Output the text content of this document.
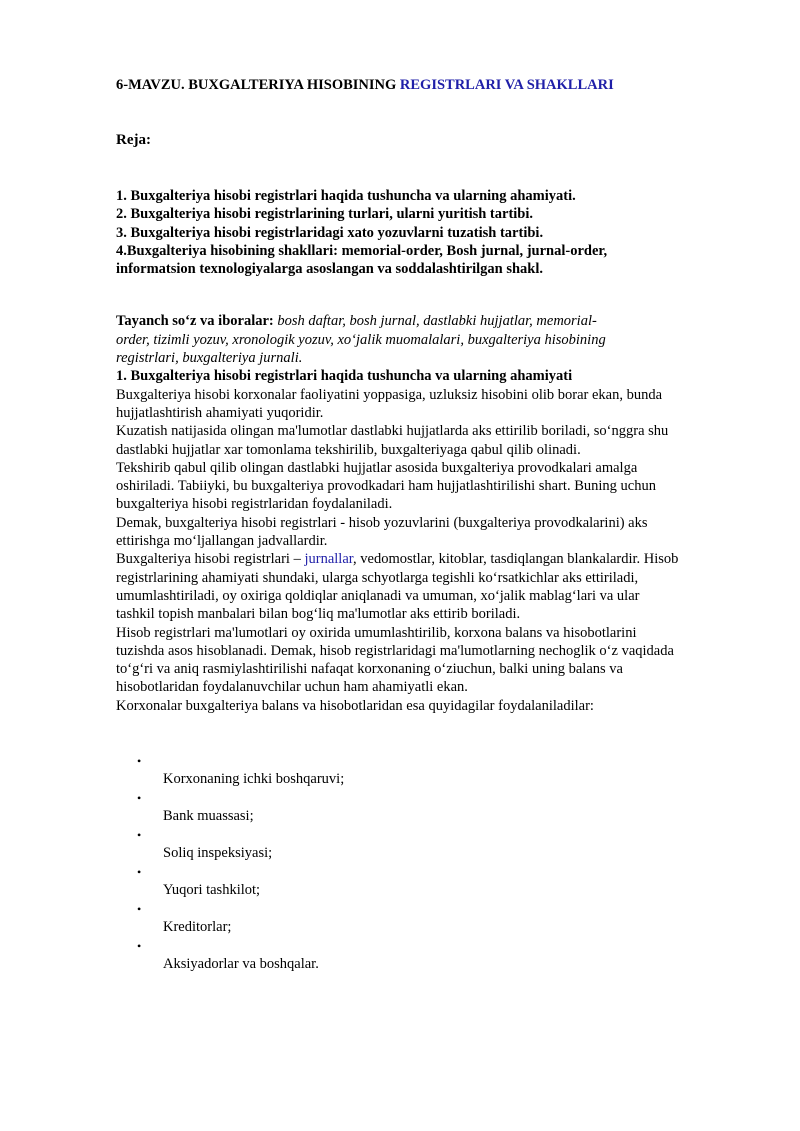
6-MAVZU. BUXGALTERIYA HISOBINING REGISTRLARI VA SHAKLLARI

Reja:
1. Buxgalteriya hisobi registrlari haqida tushuncha va ularning ahamiyati.
2. Buxgalteriya hisobi registrlarining turlari, ularni yuritish tartibi.
3. Buxgalteriya hisobi registrlaridagi xato yozuvlarni tuzatish tartibi.
4.Buxgalteriya hisobining shakllari: memorial-order, Bosh jurnal, jurnal-order,
informatsion texnologiyalarga asoslangan va soddalashtirilgan shakl.
Tayanch so‘z va iboralar: bosh daftar, bosh jurnal, dastlabki hujjatlar, memorial-
order, tizimli yozuv, xronologik yozuv, xo‘jalik muomalalari, buxgalteriya hisobining
registrlari, buxgalteriya jurnali.
1. Buxgalteriya hisobi registrlari haqida tushuncha va ularning ahamiyati
Buxgalteriya hisobi korxonalar faoliyatini yoppasiga, uzluksiz hisobini olib borar ekan, bunda
hujjatlashtirish ahamiyati yuqoridir.
Kuzatish natijasida olingan ma'lumotlar dastlabki hujjatlarda aks ettirilib boriladi, so‘nggra shu
dastlabki hujjatlar xar tomonlama tekshirilib, buxgalteriyaga qabul qilib olinadi.
Tekshirib qabul qilib olingan dastlabki hujjatlar asosida buxgalteriya provodkalari amalga
oshiriladi. Tabiiyki, bu buxgalteriya provodkadari ham hujjatlashtirilishi shart. Buning uchun
buxgalteriya hisobi registrlaridan foydalaniladi.
Demak, buxgalteriya hisobi registrlari - hisob yozuvlarini (buxgalteriya provodkalarini) aks
ettirishga mo‘ljallangan jadvallardir.
Buxgalteriya hisobi registrlari – jurnallar, vedomostlar, kitoblar, tasdiqlangan blankalardir. Hisob
registrlarining ahamiyati shundaki, ularga schyotlarga tegishli ko‘rsatkichlar aks ettiriladi,
umumlashtiriladi, oy oxiriga qoldiqlar aniqlanadi va umuman, xo‘jalik mablag‘lari va ular
tashkil topish manbalari bilan bog‘liq ma'lumotlar aks ettirib boriladi.
Hisob registrlari ma'lumotlari oy oxirida umumlashtirilib, korxona balans va hisobotlarini
tuzishda asos hisoblanadi. Demak, hisob registrlaridagi ma'lumotlarning nechoglik o‘z vaqidada
to‘g‘ri va aniq rasmiylashtirilishi nafaqat korxonaning o‘ziuchun, balki uning balans va
hisobotlaridan foydalanuvchilar uchun ham ahamiyatli ekan.
Korxonalar buxgalteriya balans va hisobotlaridan esa quyidagilar foydalaniladilar:
•
Korxonaning ichki boshqaruvi;
•
Bank muassasi;
•
Soliq inspeksiyasi;
•
Yuqori tashkilot;
•
Kreditorlar;
•
Aksiyadorlar va boshqalar.
